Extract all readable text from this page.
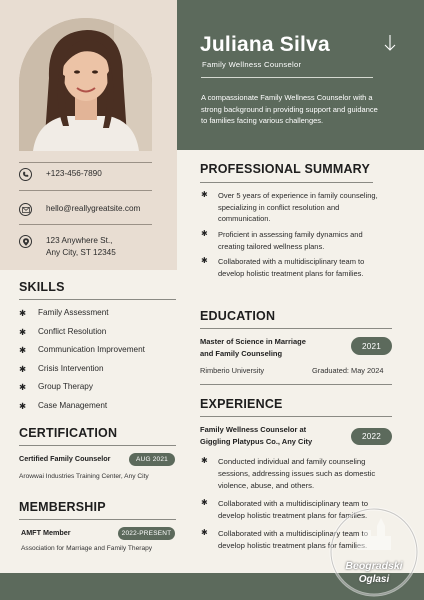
+123-456-7890
hello@reallygreatsite.com
123 Anywhere St.,
Any City, ST 12345
Juliana Silva
Family Wellness Counselor
A compassionate Family Wellness Counselor with a strong background in providing support and guidance to families facing various challenges.
SKILLS
✱ Family Assessment
✱ Conflict Resolution
✱ Communication Improvement
✱ Crisis Intervention
✱ Group Therapy
✱ Case Management
CERTIFICATION
Certified Family Counselor	AUG 2021
Arowwai Industries Training Center, Any City
MEMBERSHIP
AMFT Member	2022-PRESENT
Association for Marriage and Family Therapy
PROFESSIONAL SUMMARY
✱ Over 5 years of experience in family counseling, specializing in conflict resolution and communication.
✱ Proficient in assessing family dynamics and creating tailored wellness plans.
✱ Collaborated with a multidisciplinary team to develop holistic treatment plans for families.
EDUCATION
Master of Science in Marriage
and Family Counseling
2021
Rimberio University	Graduated: May 2024
EXPERIENCE
Family Wellness Counselor at
Giggling Platypus Co., Any City
2022
✱ Conducted individual and family counseling sessions, addressing issues such as domestic violence, abuse, and others.
✱ Collaborated with a multidisciplinary team to develop holistic treatment plans for families.
✱ Collaborated with a multidisciplinary team to develop holistic treatment plans for families.
Beogradski
Oglasi
